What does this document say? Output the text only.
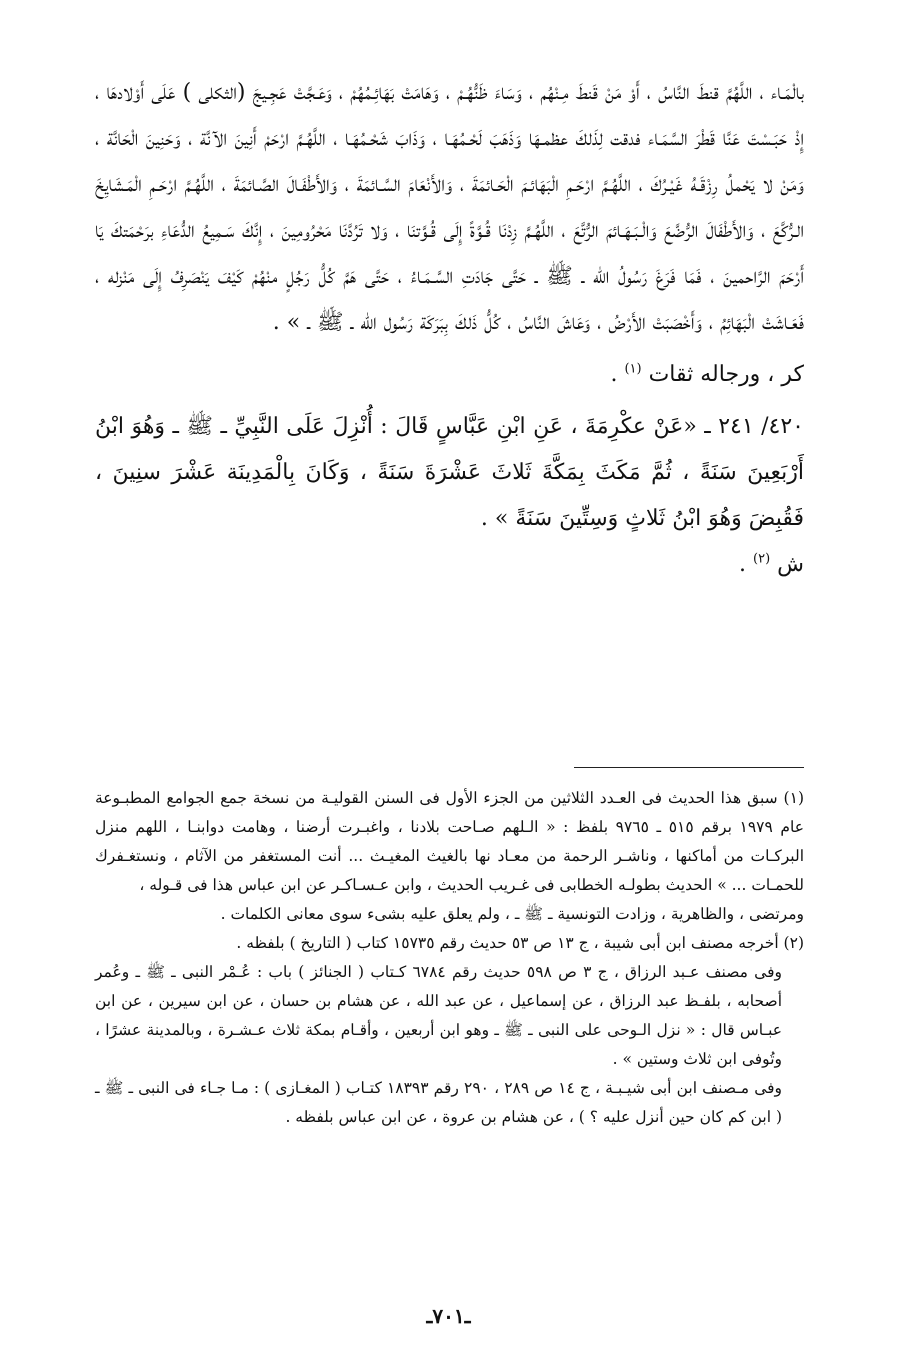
بالْمَـاء ، اللَّهُمَّ قنطَ النَّاسُ ، أَوْ مَنْ قَنطَ مِـنْهُم ، وَسَاءَ ظَنُّهُـمْ ، وَهَامَتْ بَهَائِـمُهُمْ ، وَعَـجَّتْ عَجِـيجَ (الثكلى ) عَلَى أَوْلادهَا ، إِذْ حَبَـسْتَ عَنَّا قَطْرَ السَّمَـاء فدقت لِذَلكَ عظمـهَا وَذَهَبَ لَحْـمُهَـا ، وَذَابَ شَحْـمُهَـا ، اللَّهُـمَّ ارْحَمْ أَنِينَ الآنَّة ، وَحَنِينَ الْحَانَّة ، وَمَنْ لا يَحْملُ رِزْقَـهُ غَيْـرُكَ ، اللَّهُـمَّ ارْحَـمِ الْبَهَائـمَ الْحَـائمَةَ ، وَالأَنْعَامَ السَّـائمَةَ ، وَالأَطْفَـالَ الصَّـائمَةَ ، اللَّهُـمَّ ارْحَـمِ الْمَـشَايِخَ الـرُّكَّعَ ، وَالأَطْفَالَ الرُّضَّعَ وَالْـبَـهَـائمَ الرُّتَّعَ ، اللَّهُـمَّ زِدْنَا قُـوَّةً إِلَى قُـوَّتنَا ، وَلا تَرُدَّنَا مَحْرُومِينَ ، إِنَّكَ سَـمِيعُ الدُّعَاءِ برَحْمَتكَ يَا أَرْحَمَ الرَّاحمينَ ، فَمَا فَرَغَ رَسُولُ الله ـ ﷺ ـ حَتَّى جَادَتِ السَّـمَـاءُ ، حَتَّى هَمَّ كُلُّ رَجُلٍ منْهُمْ كَيْفَ يَنْصَرِفُ إِلَى مَنْزله ، فَعَـاشَتْ الْبَهَائِمُ ، وَأَخْصَبَتْ الأَرْضُ ، وَعَاشَ النَّاسُ ، كُلُّ ذَلكَ بِبَرَكَة رَسُول الله ـ ﷺ ـ » .

كر ، ورجاله ثقات $^{(١)}$ .

٤٢٠/ ٢٤١ ـ «عَنْ عكْرِمَةَ ، عَنِ ابْنِ عَبَّاسٍ قَالَ : أُنْزِلَ عَلَى النَّبِيِّ ـ ﷺ ـ وَهُوَ ابْنُ أَرْبَعِينَ سَنَةً ، ثُمَّ مَكَثَ بِمَكَّةَ ثَلاثَ عَشْرَةَ سَنَةً ، وَكَانَ بِالْمَدِينَة عَشْرَ سنِينَ ، فَقُبِضَ وَهُوَ ابْنُ ثَلاثٍ وَسِتِّينَ سَنَةً » .

ش $^{(٢)}$ .

(١) سبق هذا الحديث فى العـدد الثلاثين من الجزء الأول فى السنن القوليـة من نسخة جمع الجوامع المطبـوعة عام ١٩٧٩ برقم ٥١٥ ـ ٩٧٦٥ بلفظ : « الـلهم صـاحت بلادنا ، واغبـرت أرضنا ، وهامت دوابنـا ، اللهم منزل البركـات من أماكنها ، وناشـر الرحمة من معـاد نها بالغيث المغيـث ... أنت المستغفر من الآثام ، ونستغـفرك للحمـات ... » الحديث بطولـه الخطابى فى غـريب الحديث ، وابن عـسـاكـر عن ابن عباس هذا فى قـوله ،

ومرتضى ، والظاهرية ، وزادت التونسية ـ ﷺ ـ ، ولم يعلق عليه بشىء سوى معانى الكلمات .

(٢) أخرجه مصنف ابن أبى شيبة ، ج ١٣ ص ٥٣ حديث رقم ١٥٧٣٥ كتاب ( التاريخ ) بلفظه .

وفى مصنف عـبد الرزاق ، ج ٣ ص ٥٩٨ حديث رقم ٦٧٨٤ كـتاب ( الجنائز ) باب : عُـمْر النبى ـ ﷺ ـ وعُمر أصحابه ، بلفـظ عبد الرزاق ، عن إسماعيل ، عن عبد الله ، عن هشام بن حسان ، عن ابن سيرين ، عن ابن عبـاس قال : « نزل الـوحى على النبى ـ ﷺ ـ وهو ابن أربعين ، وأقـام بمكة ثلاث عـشـرة ، وبالمدينة عشرًا ، وتُوفى ابن ثلاث وستين » .

وفى مـصنف ابن أبى شيـبـة ، ج ١٤ ص ٢٨٩ ، ٢٩٠ رقم ١٨٣٩٣ كتـاب ( المغـازى ) : مـا جـاء فى النبى ـ ﷺ ـ ( ابن كم كان حين أنزل عليه ؟ ) ، عن هشام بن عروة ، عن ابن عباس بلفظه .

ـ٧٠١ـ
